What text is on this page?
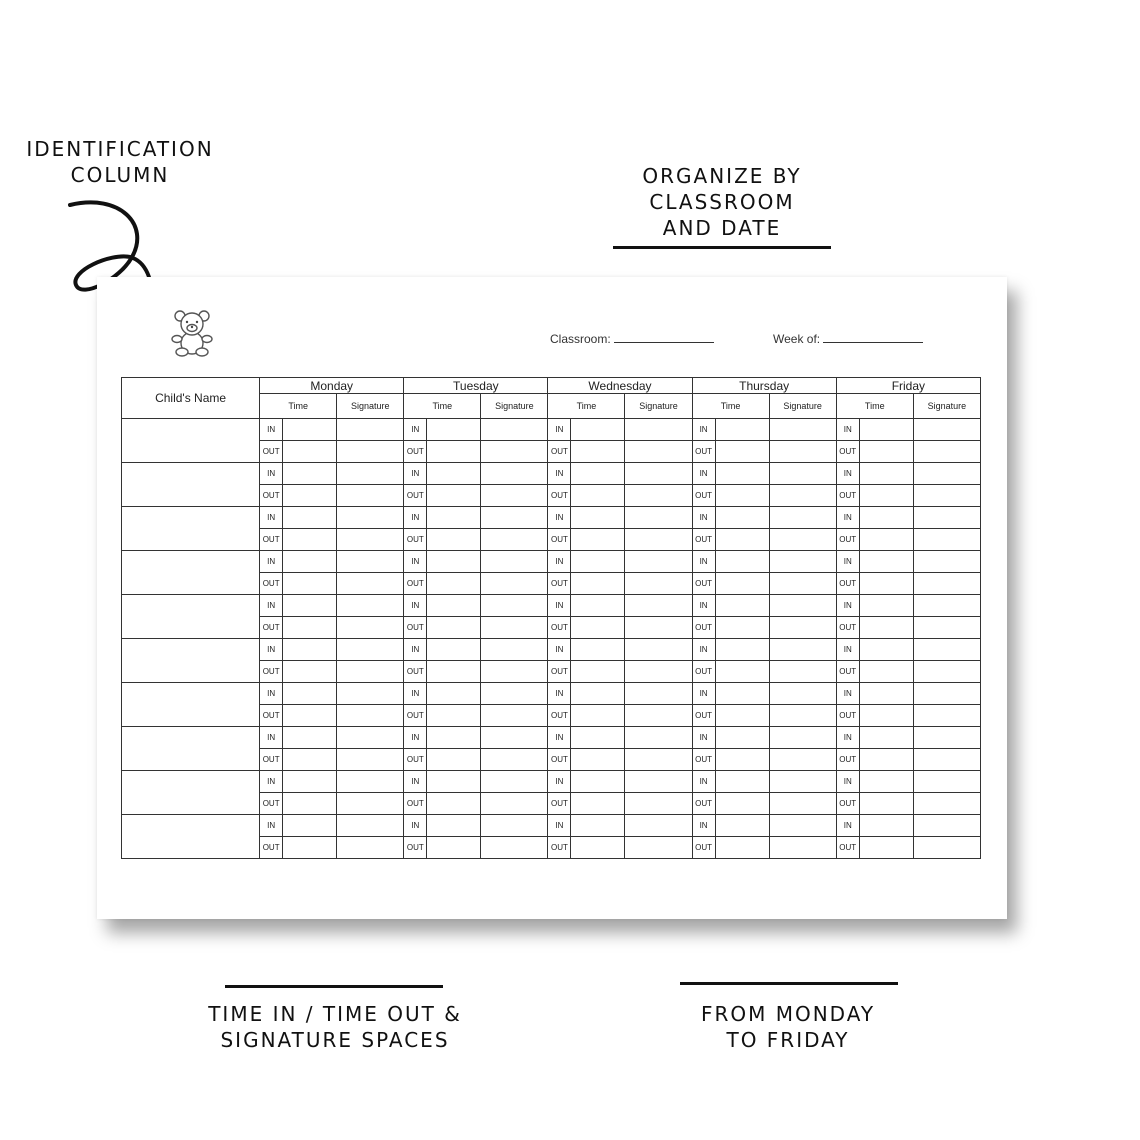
IDENTIFICATION
COLUMN	ORGANIZE BY
CLASSROOM
AND DATE
Classroom:	Week of:
Child's Name	Monday			Tuesday			Wednesday			Thursday			Friday		
	Time		Signature	Time		Signature	Time		Signature	Time		Signature	Time		Signature
	IN			IN			IN			IN			IN		
	OUT			OUT			OUT			OUT			OUT		
	IN			IN			IN			IN			IN		
	OUT			OUT			OUT			OUT			OUT		
	IN			IN			IN			IN			IN		
	OUT			OUT			OUT			OUT			OUT		
	IN			IN			IN			IN			IN		
	OUT			OUT			OUT			OUT			OUT		
	IN			IN			IN			IN			IN		
	OUT			OUT			OUT			OUT			OUT		
	IN			IN			IN			IN			IN		
	OUT			OUT			OUT			OUT			OUT		
	IN			IN			IN			IN			IN		
	OUT			OUT			OUT			OUT			OUT		
	IN			IN			IN			IN			IN		
	OUT			OUT			OUT			OUT			OUT		
	IN			IN			IN			IN			IN		
	OUT			OUT			OUT			OUT			OUT		
	IN			IN			IN			IN			IN		
	OUT			OUT			OUT			OUT			OUT		
TIME IN / TIME OUT &
SIGNATURE SPACES
FROM MONDAY
TO FRIDAY
